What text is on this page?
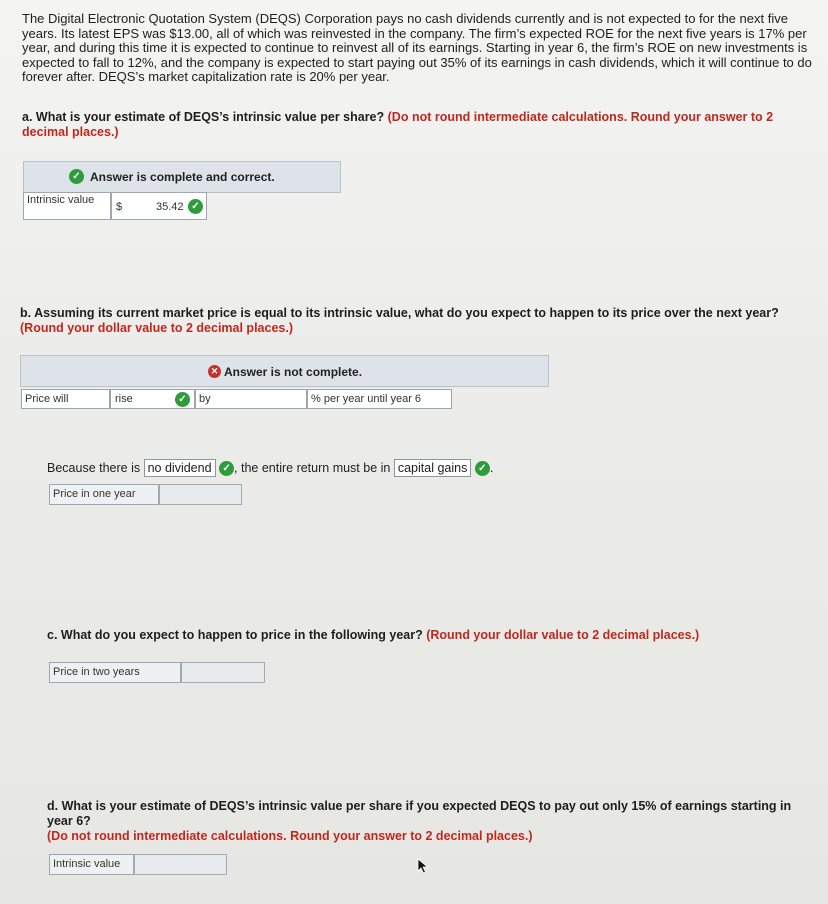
The Digital Electronic Quotation System (DEQS) Corporation pays no cash dividends currently and is not expected to for the next five years. Its latest EPS was $13.00, all of which was reinvested in the company. The firm’s expected ROE for the next five years is 17% per year, and during this time it is expected to continue to reinvest all of its earnings. Starting in year 6, the firm’s ROE on new investments is expected to fall to 12%, and the company is expected to start paying out 35% of its earnings in cash dividends, which it will continue to do forever after. DEQS’s market capitalization rate is 20% per year.
a. What is your estimate of DEQS’s intrinsic value per share? (Do not round intermediate calculations. Round your answer to 2 decimal places.)
✓ Answer is complete and correct.
Intrinsic value
$	35.42 ✓
b. Assuming its current market price is equal to its intrinsic value, what do you expect to happen to its price over the next year? (Round your dollar value to 2 decimal places.)
✕ Answer is not complete.
Price will	rise	✓	by	% per year until year 6
Because there is no dividend ✓ , the entire return must be in capital gains ✓ .
Price in one year
c. What do you expect to happen to price in the following year? (Round your dollar value to 2 decimal places.)
Price in two years
d. What is your estimate of DEQS’s intrinsic value per share if you expected DEQS to pay out only 15% of earnings starting in year 6?
(Do not round intermediate calculations. Round your answer to 2 decimal places.)
Intrinsic value
